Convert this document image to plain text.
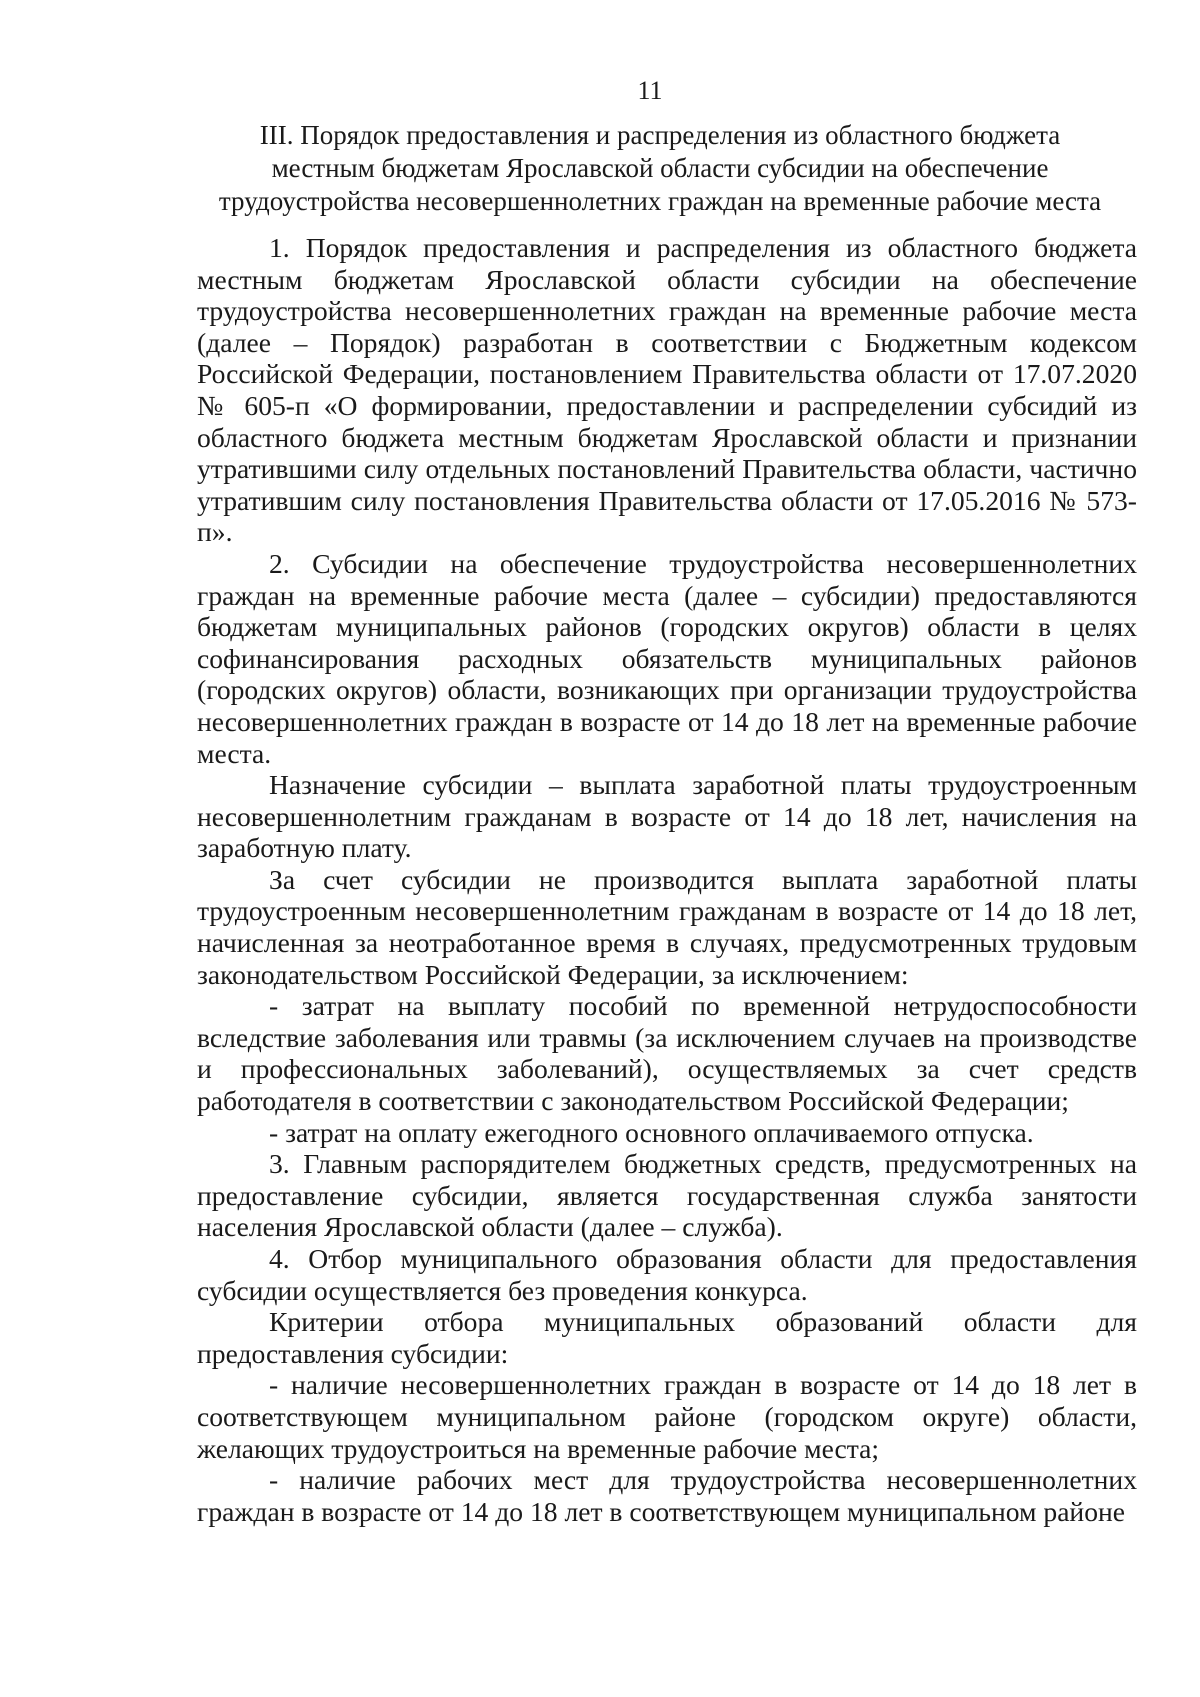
11
III. Порядок предоставления и распределения из областного бюджета
местным бюджетам Ярославской области субсидии на обеспечение
трудоустройства несовершеннолетних граждан на временные рабочие места

1. Порядок предоставления и распределения из областного бюджета местным бюджетам Ярославской области субсидии на обеспечение трудоустройства несовершеннолетних граждан на временные рабочие места (далее – Порядок) разработан в соответствии с Бюджетным кодексом Российской Федерации, постановлением Правительства области от 17.07.2020 № 605-п «О формировании, предоставлении и распределении субсидий из областного бюджета местным бюджетам Ярославской области и признании утратившими силу отдельных постановлений Правительства области, частично утратившим силу постановления Правительства области от 17.05.2016 № 573-п».

2. Субсидии на обеспечение трудоустройства несовершеннолетних граждан на временные рабочие места (далее – субсидии) предоставляются бюджетам муниципальных районов (городских округов) области в целях софинансирования расходных обязательств муниципальных районов (городских округов) области, возникающих при организации трудоустройства несовершеннолетних граждан в возрасте от 14 до 18 лет на временные рабочие места.

Назначение субсидии – выплата заработной платы трудоустроенным несовершеннолетним гражданам в возрасте от 14 до 18 лет, начисления на заработную плату.

За счет субсидии не производится выплата заработной платы трудоустроенным несовершеннолетним гражданам в возрасте от 14 до 18 лет, начисленная за неотработанное время в случаях, предусмотренных трудовым законодательством Российской Федерации, за исключением:

- затрат на выплату пособий по временной нетрудоспособности вследствие заболевания или травмы (за исключением случаев на производстве и профессиональных заболеваний), осуществляемых за счет средств работодателя в соответствии с законодательством Российской Федерации;

- затрат на оплату ежегодного основного оплачиваемого отпуска.

3. Главным распорядителем бюджетных средств, предусмотренных на предоставление субсидии, является государственная служба занятости населения Ярославской области (далее – служба).

4. Отбор муниципального образования области для предоставления субсидии осуществляется без проведения конкурса.

Критерии отбора муниципальных образований области для предоставления субсидии:

- наличие несовершеннолетних граждан в возрасте от 14 до 18 лет в соответствующем муниципальном районе (городском округе) области, желающих трудоустроиться на временные рабочие места;

- наличие рабочих мест для трудоустройства несовершеннолетних граждан в возрасте от 14 до 18 лет в соответствующем муниципальном районе
